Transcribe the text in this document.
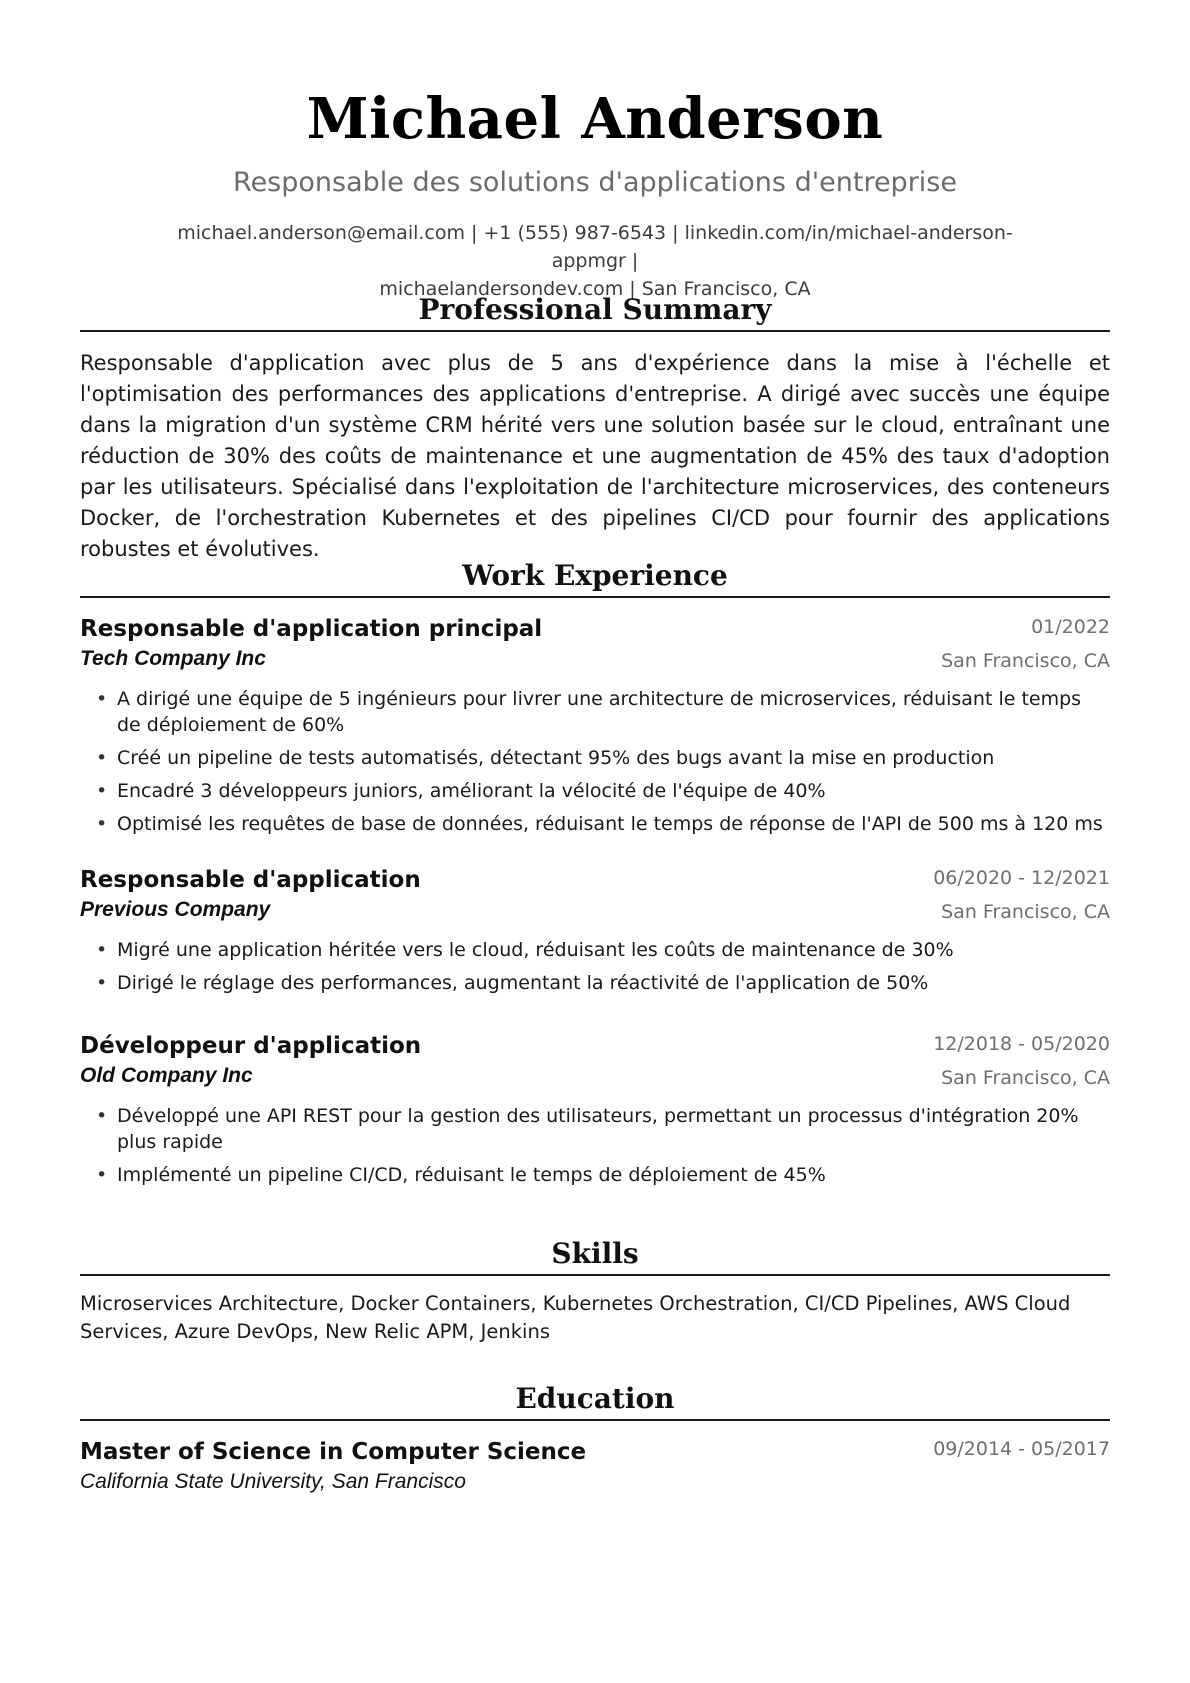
Michael Anderson
Responsable des solutions d'applications d'entreprise
michael.anderson@email.com | +1 (555) 987-6543 | linkedin.com/in/michael-anderson-appmgr |
michaelandersondev.com | San Francisco, CA
Professional Summary
Responsable d'application avec plus de 5 ans d'expérience dans la mise à l'échelle et l'optimisation des performances des applications d'entreprise. A dirigé avec succès une équipe dans la migration d'un système CRM hérité vers une solution basée sur le cloud, entraînant une réduction de 30% des coûts de maintenance et une augmentation de 45% des taux d'adoption par les utilisateurs. Spécialisé dans l'exploitation de l'architecture microservices, des conteneurs Docker, de l'orchestration Kubernetes et des pipelines CI/CD pour fournir des applications robustes et évolutives.
Work Experience
Responsable d'application principal	01/2022
Tech Company Inc	San Francisco, CA
• A dirigé une équipe de 5 ingénieurs pour livrer une architecture de microservices, réduisant le temps de déploiement de 60%
• Créé un pipeline de tests automatisés, détectant 95% des bugs avant la mise en production
• Encadré 3 développeurs juniors, améliorant la vélocité de l'équipe de 40%
• Optimisé les requêtes de base de données, réduisant le temps de réponse de l'API de 500 ms à 120 ms
Responsable d'application	06/2020 - 12/2021
Previous Company	San Francisco, CA
• Migré une application héritée vers le cloud, réduisant les coûts de maintenance de 30%
• Dirigé le réglage des performances, augmentant la réactivité de l'application de 50%
Développeur d'application	12/2018 - 05/2020
Old Company Inc	San Francisco, CA
• Développé une API REST pour la gestion des utilisateurs, permettant un processus d'intégration 20% plus rapide
• Implémenté un pipeline CI/CD, réduisant le temps de déploiement de 45%
Skills
Microservices Architecture, Docker Containers, Kubernetes Orchestration, CI/CD Pipelines, AWS Cloud Services, Azure DevOps, New Relic APM, Jenkins
Education
Master of Science in Computer Science	09/2014 - 05/2017
California State University, San Francisco
